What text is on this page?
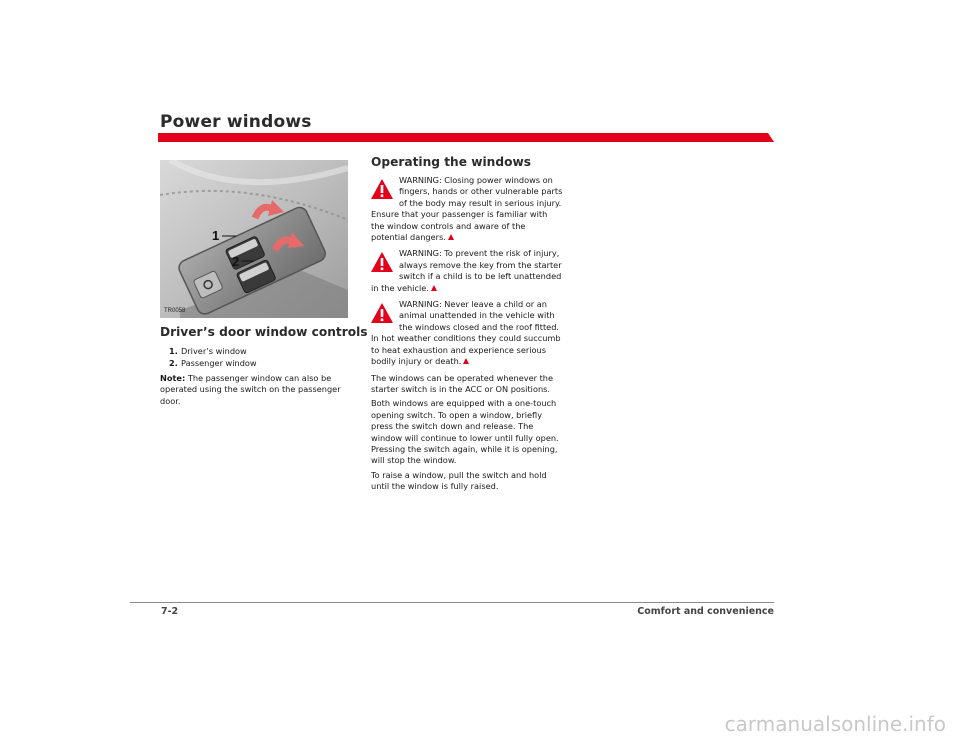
Power windows
1
2
TR0058
Driver’s door window controls
1. Driver’s window
2. Passenger window

Note: The passenger window can also be operated using the switch on the passenger door.

Operating the windows
WARNING: Closing power windows on fingers, hands or other vulnerable parts of the body may result in serious injury. Ensure that your passenger is familiar with the window controls and aware of the potential dangers.
WARNING: To prevent the risk of injury, always remove the key from the starter switch if a child is to be left unattended in the vehicle.
WARNING: Never leave a child or an animal unattended in the vehicle with the windows closed and the roof fitted. In hot weather conditions they could succumb to heat exhaustion and experience serious bodily injury or death.

The windows can be operated whenever the starter switch is in the ACC or ON positions.

Both windows are equipped with a one-touch opening switch. To open a window, briefly press the switch down and release. The window will continue to lower until fully open. Pressing the switch again, while it is opening, will stop the window.

To raise a window, pull the switch and hold until the window is fully raised.

7-2	Comfort and convenience
carmanualsonline.info
